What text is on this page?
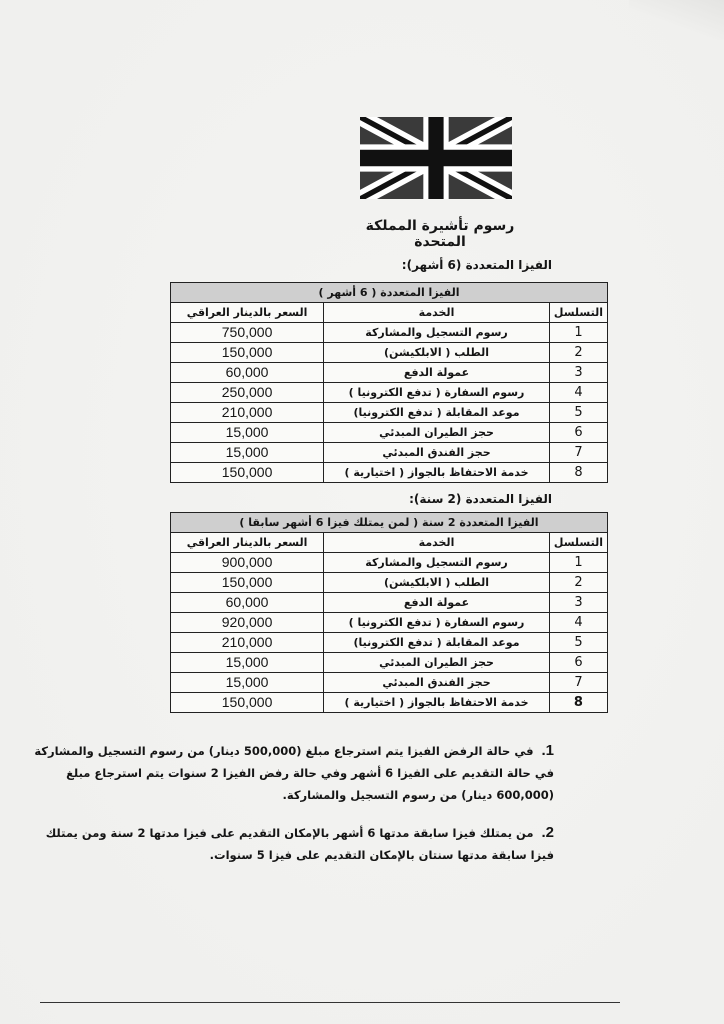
رسوم تأشيرة المملكة المتحدة
الفيزا المتعددة (6 أشهر):
الفيزا المتعددة ( 6 أشهر )		
التسلسل	الخدمة	السعر بالدينار العراقي
1	رسوم التسجيل والمشاركة	750,000
2	الطلب ( الابلكيشن)	150,000
3	عمولة الدفع	60,000
4	رسوم السفارة ( تدفع الكترونيا )	250,000
5	موعد المقابلة ( تدفع الكترونيا)	210,000
6	حجز الطيران المبدئي	15,000
7	حجز الفندق المبدئي	15,000
8	خدمة الاحتفاظ بالجواز ( اختيارية )	150,000
الفيزا المتعددة (2 سنة):
الفيزا المتعددة 2 سنة ( لمن يمتلك فيزا 6 أشهر سابقا )		
التسلسل	الخدمة	السعر بالدينار العراقي
1	رسوم التسجيل والمشاركة	900,000
2	الطلب ( الابلكيشن)	150,000
3	عمولة الدفع	60,000
4	رسوم السفارة ( تدفع الكترونيا )	920,000
5	موعد المقابلة ( تدفع الكترونيا)	210,000
6	حجز الطيران المبدئي	15,000
7	حجز الفندق المبدئي	15,000
8	خدمة الاحتفاظ بالجواز ( اختيارية )	150,000
1.في حالة الرفض الفيزا يتم استرجاع مبلغ (500,000 دينار) من رسوم التسجيل والمشاركة في حالة التقديم على الفيزا 6 أشهر وفي حالة رفض الفيزا 2 سنوات يتم استرجاع مبلغ (600,000 دينار) من رسوم التسجيل والمشاركة.
2.من يمتلك فيزا سابقة مدتها 6 أشهر بالإمكان التقديم على فيزا مدتها 2 سنة ومن يمتلك فيزا سابقة مدتها سنتان بالإمكان التقديم على فيزا 5 سنوات.
